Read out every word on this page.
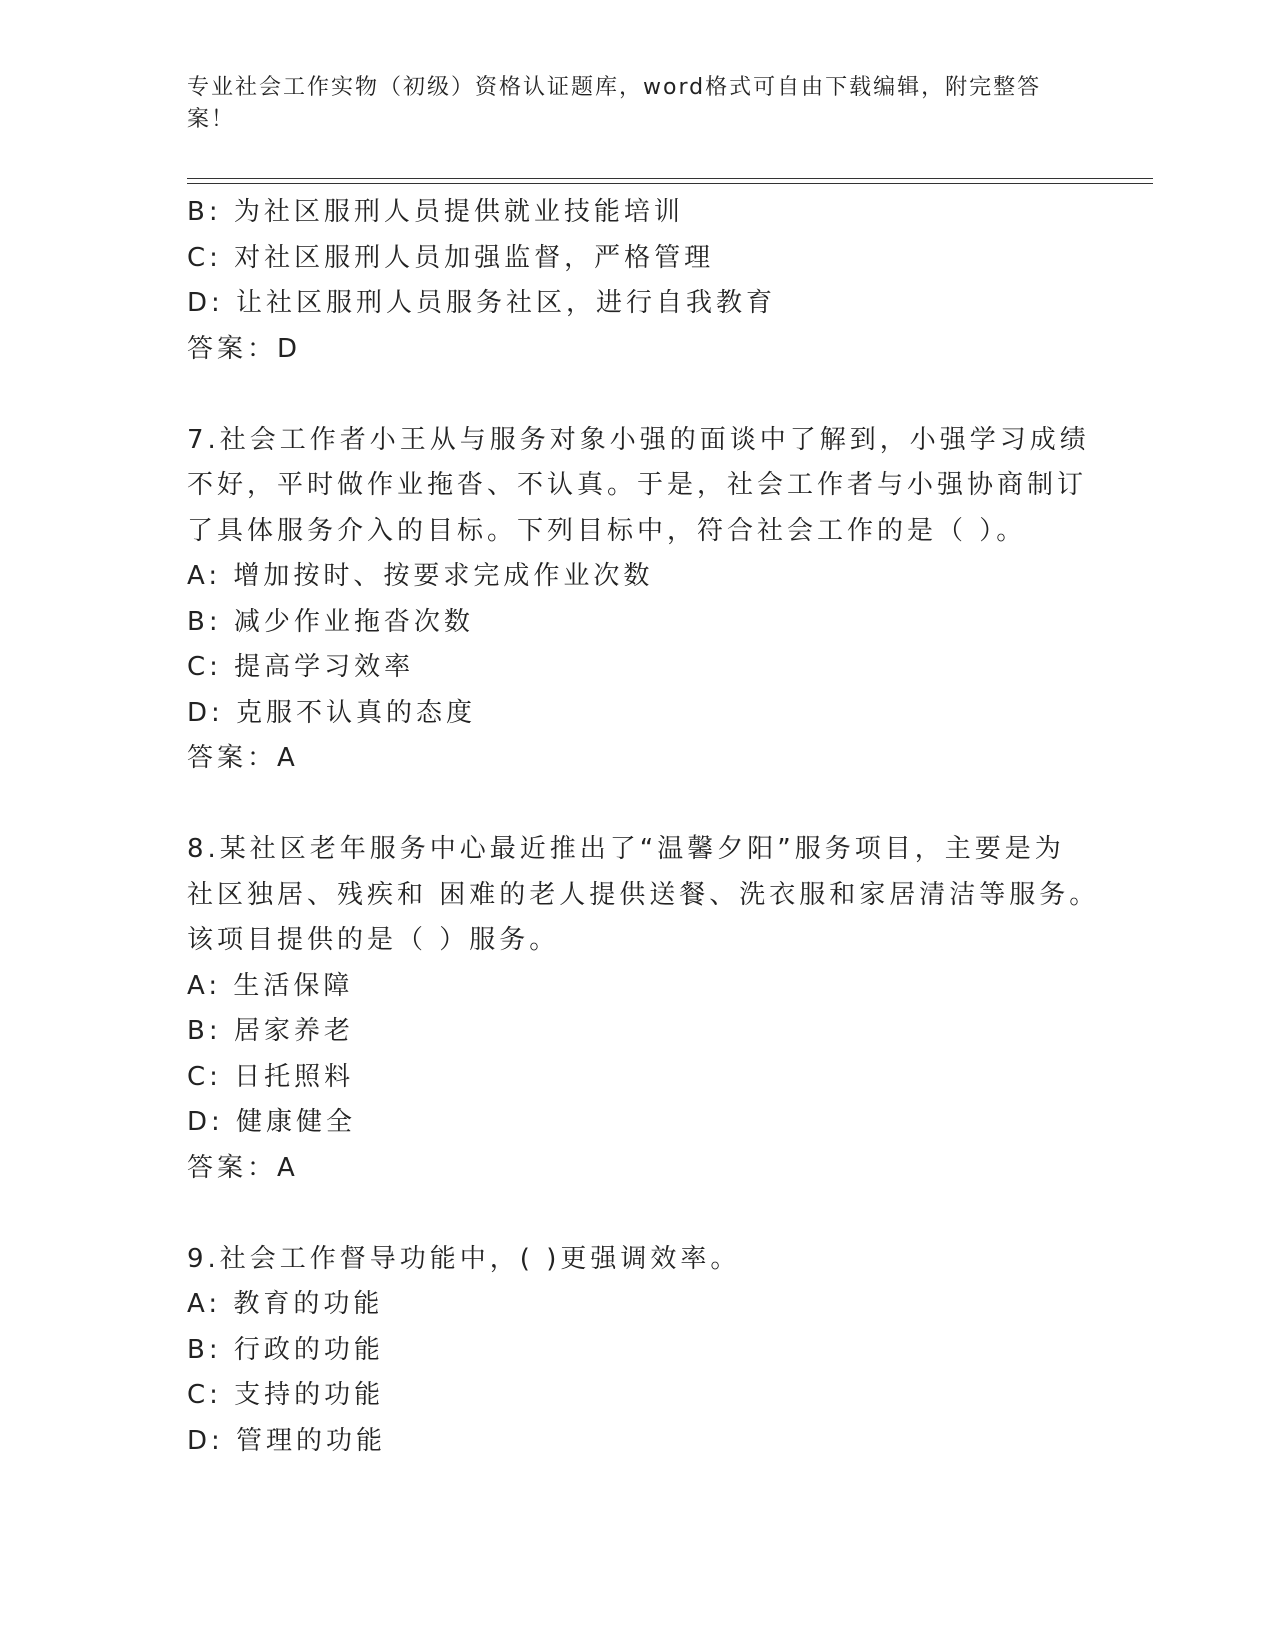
专业社会工作实物（初级）资格认证题库，word格式可自由下载编辑，附完整答
案！
B: 为社区服刑人员提供就业技能培训
C: 对社区服刑人员加强监督，严格管理
D: 让社区服刑人员服务社区，进行自我教育
答案：D
7.社会工作者小王从与服务对象小强的面谈中了解到，小强学习成绩
不好，平时做作业拖沓、不认真。于是，社会工作者与小强协商制订
了具体服务介入的目标。下列目标中，符合社会工作的是（ ）。
A: 增加按时、按要求完成作业次数
B: 减少作业拖沓次数
C: 提高学习效率
D: 克服不认真的态度
答案：A
8.某社区老年服务中心最近推出了“温馨夕阳”服务项目，主要是为
社区独居、残疾和 困难的老人提供送餐、洗衣服和家居清洁等服务。
该项目提供的是（ ）服务。
A: 生活保障
B: 居家养老
C: 日托照料
D: 健康健全
答案：A
9.社会工作督导功能中，( )更强调效率。
A: 教育的功能
B: 行政的功能
C: 支持的功能
D: 管理的功能
